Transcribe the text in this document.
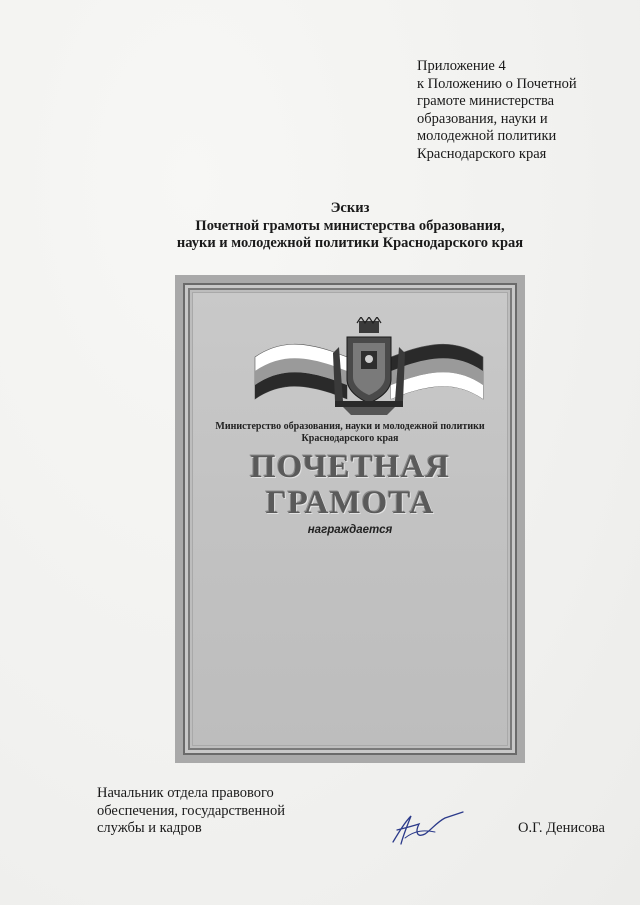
Приложение 4
к Положению о Почетной
грамоте министерства
образования, науки и
молодежной политики
Краснодарского края
Эскиз
Почетной грамоты министерства образования,
науки и молодежной политики Краснодарского края
Министерство образования, науки и молодежной политики
Краснодарского края
ПОЧЕТНАЯ
ГРАМОТА
награждается
Начальник отдела правового
обеспечения, государственной
службы и кадров	О.Г. Денисова
